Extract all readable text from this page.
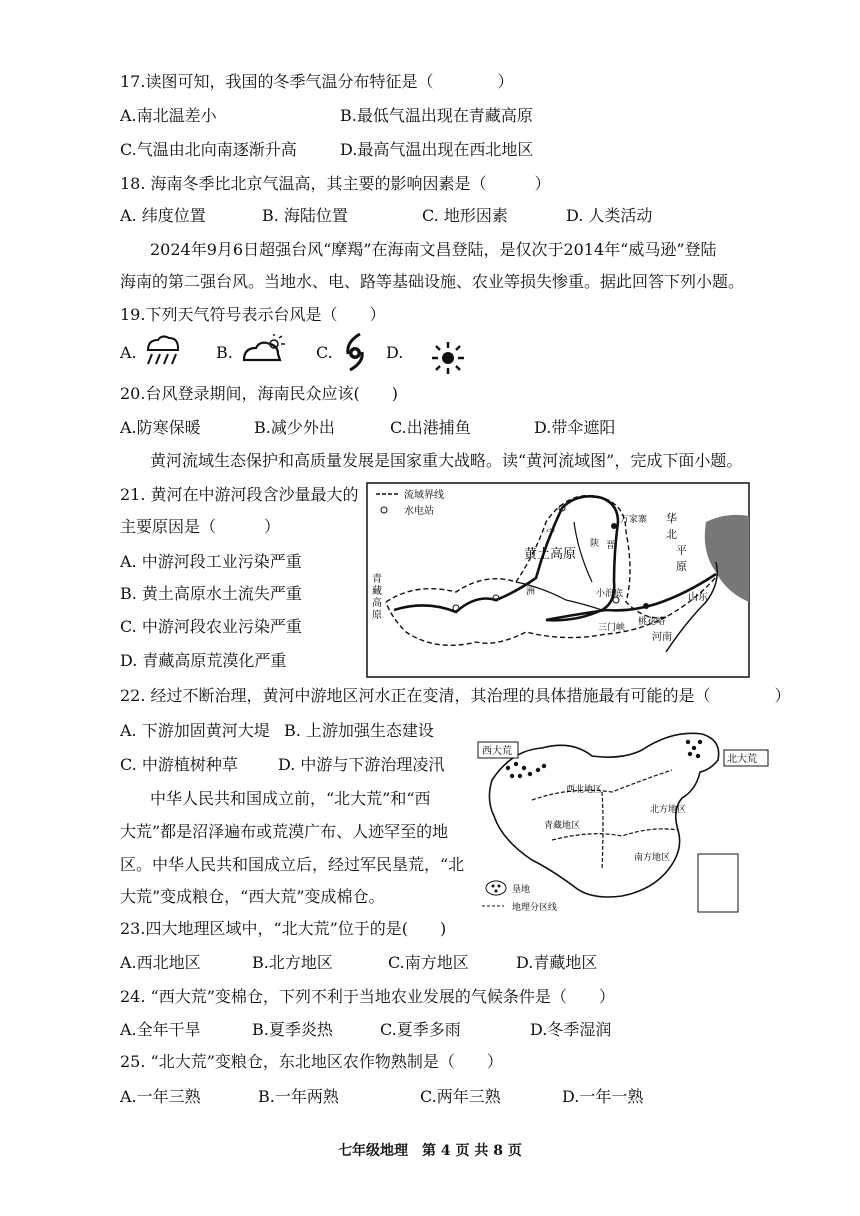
17.读图可知，我国的冬季气温分布特征是（　　　　）
A.南北温差小	B.最低气温出现在青藏高原
C.气温由北向南逐渐升高	D.最高气温出现在西北地区
18. 海南冬季比北京气温高，其主要的影响因素是（　　　）
A. 纬度位置	B. 海陆位置	C. 地形因素	D. 人类活动
2024年9月6日超强台风“摩羯”在海南文昌登陆，是仅次于2014年“威马逊”登陆
海南的第二强台风。当地水、电、路等基础设施、农业等损失惨重。据此回答下列小题。
19.下列天气符号表示台风是（　　）
A.	B.	C.	D.
20.台风登录期间，海南民众应该(　　)
A.防寒保暖	B.减少外出	C.出港捕鱼	D.带伞遮阳
黄河流域生态保护和高质量发展是国家重大战略。读“黄河流域图”，完成下面小题。
21. 黄河在中游河段含沙量最大的
主要原因是（　　　）
A. 中游河段工业污染严重
B. 黄土高原水土流失严重
C. 中游河段农业污染严重
D. 青藏高原荒漠化严重
流域界线
水电站
黄土高原
青
藏
高
原
华
北
平
原
山东
河南
小浪底
桃花峪
三门峡
万家寨
晋
陕
宁
洲
22. 经过不断治理，黄河中游地区河水正在变清，其治理的具体措施最有可能的是（　　　　）
A. 下游加固黄河大堤 B. 上游加强生态建设
C. 中游植树种草	D. 中游与下游治理凌汛
中华人民共和国成立前，“北大荒”和“西
大荒”都是沼泽遍布或荒漠广布、人迹罕至的地
区。中华人民共和国成立后，经过军民垦荒，“北
大荒”变成粮仓，“西大荒”变成棉仓。
西大荒
北大荒
西北地区
北方地区
青藏地区
南方地区
垦地
地理分区线
23.四大地理区域中，“北大荒”位于的是(　　)
A.西北地区	B.北方地区	C.南方地区	D.青藏地区
24. “西大荒”变棉仓，下列不利于当地农业发展的气候条件是（　　）
A.全年干旱	B.夏季炎热	C.夏季多雨	D.冬季湿润
25. “北大荒”变粮仓，东北地区农作物熟制是（　　）
A.一年三熟	B.一年两熟	C.两年三熟	D.一年一熟
七年级地理　第 4 页 共 8 页
